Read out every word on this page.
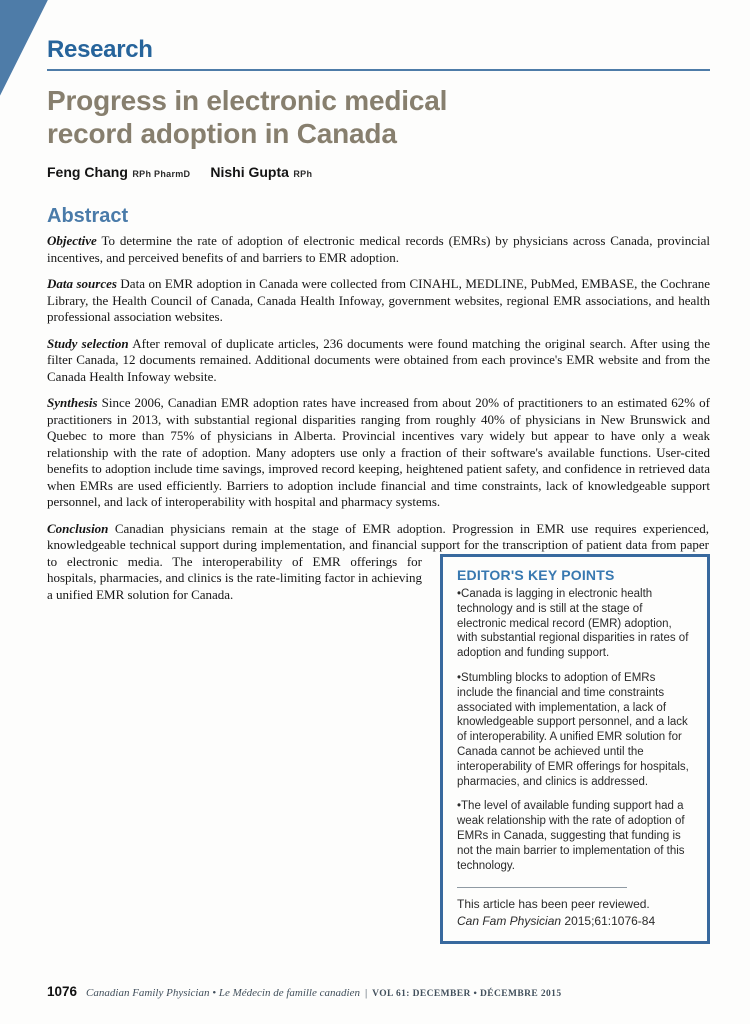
Research
Progress in electronic medical
record adoption in Canada
Feng Chang RPh PharmD Nishi Gupta RPh
Abstract
Objective To determine the rate of adoption of electronic medical records (EMRs) by physicians across Canada, provincial incentives, and perceived benefits of and barriers to EMR adoption.
Data sources Data on EMR adoption in Canada were collected from CINAHL, MEDLINE, PubMed, EMBASE, the Cochrane Library, the Health Council of Canada, Canada Health Infoway, government websites, regional EMR associations, and health professional association websites.
Study selection After removal of duplicate articles, 236 documents were found matching the original search. After using the filter Canada, 12 documents remained. Additional documents were obtained from each province's EMR website and from the Canada Health Infoway website.
Synthesis Since 2006, Canadian EMR adoption rates have increased from about 20% of practitioners to an estimated 62% of practitioners in 2013, with substantial regional disparities ranging from roughly 40% of physicians in New Brunswick and Quebec to more than 75% of physicians in Alberta. Provincial incentives vary widely but appear to have only a weak relationship with the rate of adoption. Many adopters use only a fraction of their software's available functions. User-cited benefits to adoption include time savings, improved record keeping, heightened patient safety, and confidence in retrieved data when EMRs are used efficiently. Barriers to adoption include financial and time constraints, lack of knowledgeable support personnel, and lack of interoperability with hospital and pharmacy systems.
EDITOR'S KEY POINTS

• Canada is lagging in electronic health technology and is still at the stage of electronic medical record (EMR) adoption, with substantial regional disparities in rates of adoption and funding support.

• Stumbling blocks to adoption of EMRs include the financial and time constraints associated with implementation, a lack of knowledgeable support personnel, and a lack of interoperability. A unified EMR solution for Canada cannot be achieved until the interoperability of EMR offerings for hospitals, pharmacies, and clinics is addressed.

• The level of available funding support had a weak relationship with the rate of adoption of EMRs in Canada, suggesting that funding is not the main barrier to implementation of this technology.

This article has been peer reviewed.

Can Fam Physician 2015;61:1076-84

Conclusion Canadian physicians remain at the stage of EMR adoption. Progression in EMR use requires experienced, knowledgeable technical support during implementation, and financial support for the transcription of patient data from paper to electronic media. The interoperability of EMR offerings for hospitals, pharmacies, and clinics is the rate-limiting factor in achieving a unified EMR solution for Canada.
1076 Canadian Family Physician • Le Médecin de famille canadien | VOL 61: DECEMBER • DÉCEMBRE 2015
